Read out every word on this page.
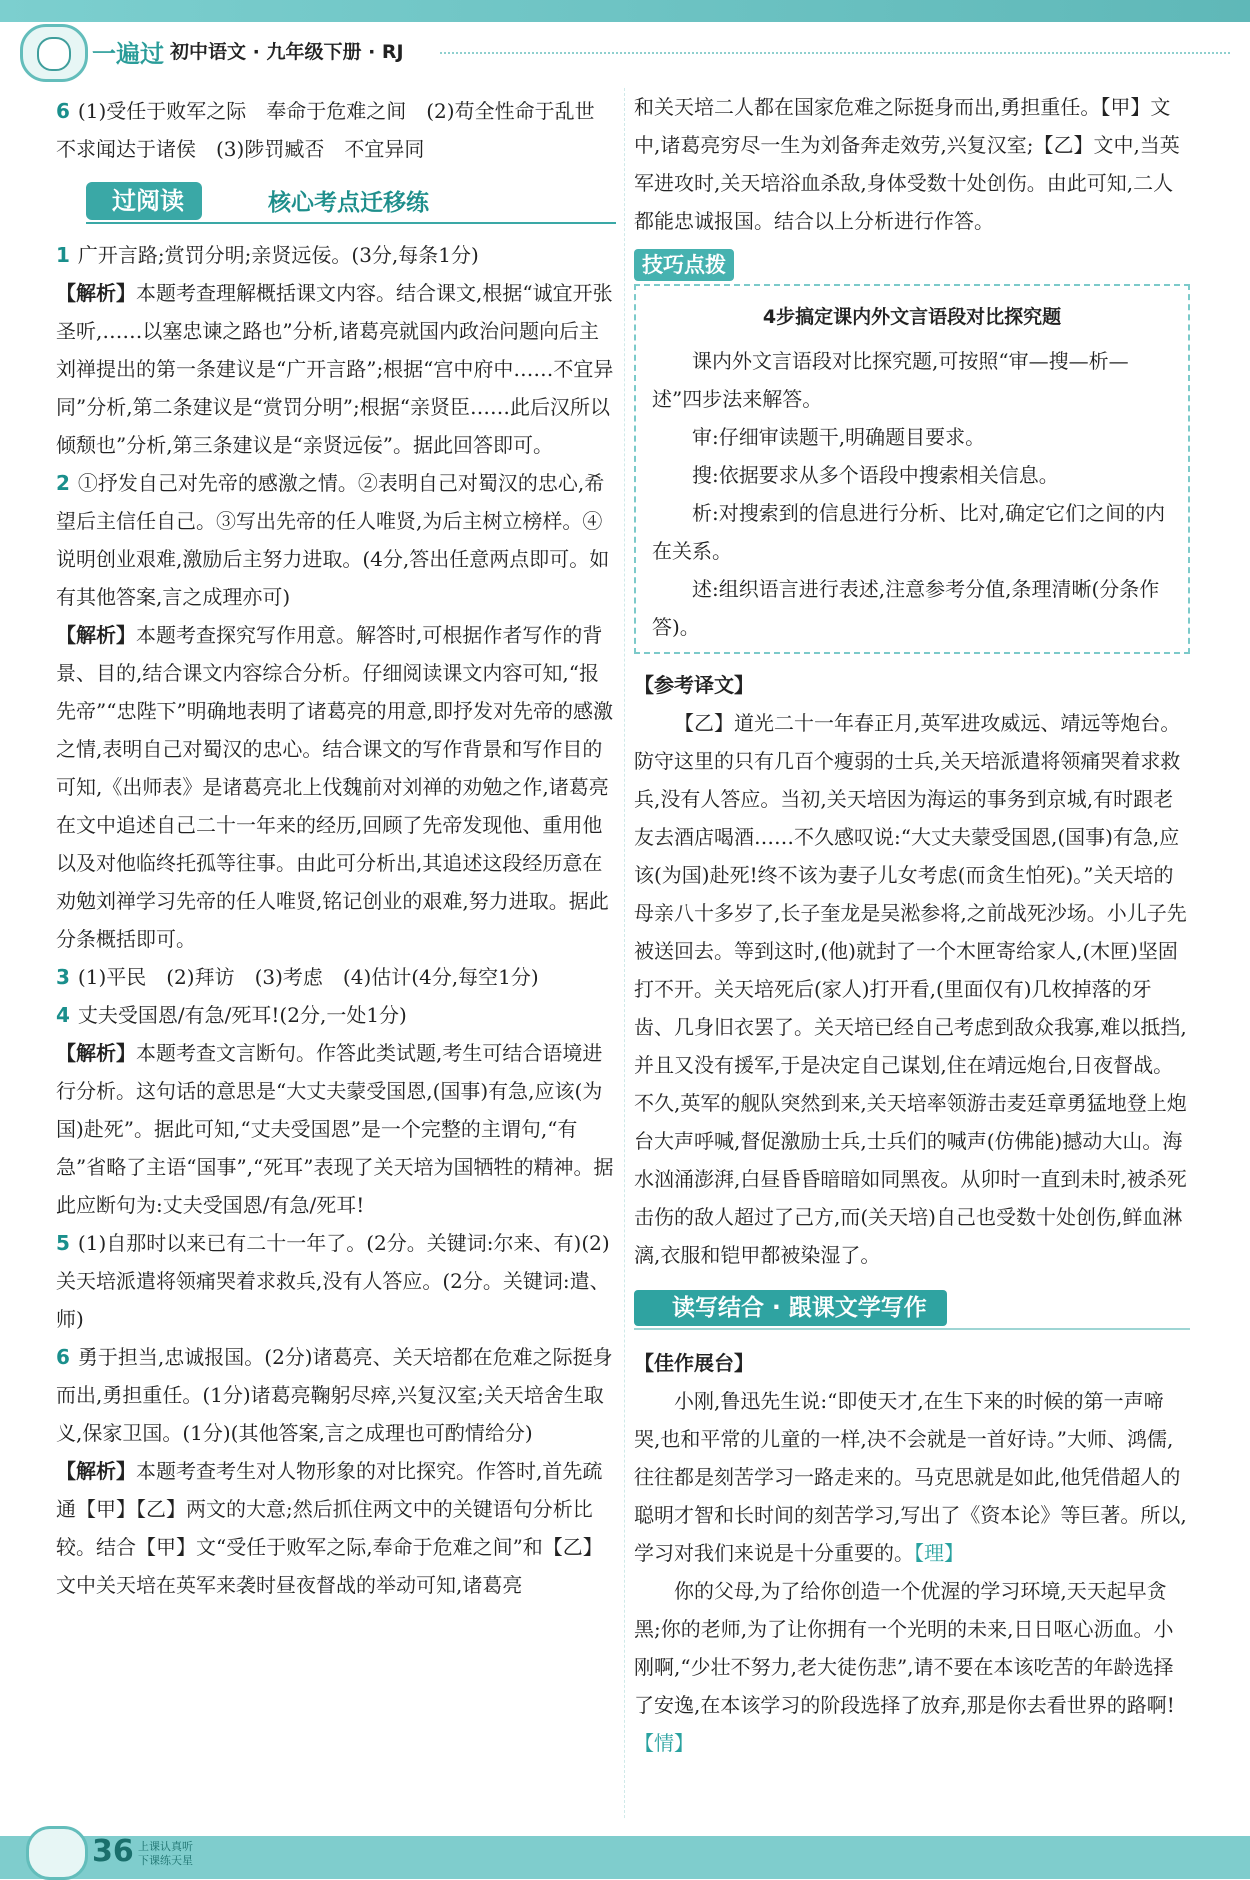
一遍过 初中语文 · 九年级下册 · RJ

6 (1)受任于败军之际　奉命于危难之间　(2)苟全性命于乱世　不求闻达于诸侯　(3)陟罚臧否　不宜异同

过阅读	核心考点迁移练

1 广开言路;赏罚分明;亲贤远佞。(3分,每条1分)

【解析】本题考查理解概括课文内容。结合课文,根据“诚宜开张圣听,……以塞忠谏之路也”分析,诸葛亮就国内政治问题向后主刘禅提出的第一条建议是“广开言路”;根据“宫中府中……不宜异同”分析,第二条建议是“赏罚分明”;根据“亲贤臣……此后汉所以倾颓也”分析,第三条建议是“亲贤远佞”。据此回答即可。

2 ①抒发自己对先帝的感激之情。②表明自己对蜀汉的忠心,希望后主信任自己。③写出先帝的任人唯贤,为后主树立榜样。④说明创业艰难,激励后主努力进取。(4分,答出任意两点即可。如有其他答案,言之成理亦可)

【解析】本题考查探究写作用意。解答时,可根据作者写作的背景、目的,结合课文内容综合分析。仔细阅读课文内容可知,“报先帝”“忠陛下”明确地表明了诸葛亮的用意,即抒发对先帝的感激之情,表明自己对蜀汉的忠心。结合课文的写作背景和写作目的可知,《出师表》是诸葛亮北上伐魏前对刘禅的劝勉之作,诸葛亮在文中追述自己二十一年来的经历,回顾了先帝发现他、重用他以及对他临终托孤等往事。由此可分析出,其追述这段经历意在劝勉刘禅学习先帝的任人唯贤,铭记创业的艰难,努力进取。据此分条概括即可。

3 (1)平民　(2)拜访　(3)考虑　(4)估计(4分,每空1分)

4 丈夫受国恩/有急/死耳!(2分,一处1分)

【解析】本题考查文言断句。作答此类试题,考生可结合语境进行分析。这句话的意思是“大丈夫蒙受国恩,(国事)有急,应该(为国)赴死”。据此可知,“丈夫受国恩”是一个完整的主谓句,“有急”省略了主语“国事”,“死耳”表现了关天培为国牺牲的精神。据此应断句为:丈夫受国恩/有急/死耳!

5 (1)自那时以来已有二十一年了。(2分。关键词:尔来、有)(2)关天培派遣将领痛哭着求救兵,没有人答应。(2分。关键词:遣、师)

6 勇于担当,忠诚报国。(2分)诸葛亮、关天培都在危难之际挺身而出,勇担重任。(1分)诸葛亮鞠躬尽瘁,兴复汉室;关天培舍生取义,保家卫国。(1分)(其他答案,言之成理也可酌情给分)

【解析】本题考查考生对人物形象的对比探究。作答时,首先疏通【甲】【乙】两文的大意;然后抓住两文中的关键语句分析比较。结合【甲】文“受任于败军之际,奉命于危难之间”和【乙】文中关天培在英军来袭时昼夜督战的举动可知,诸葛亮

和关天培二人都在国家危难之际挺身而出,勇担重任。【甲】文中,诸葛亮穷尽一生为刘备奔走效劳,兴复汉室;【乙】文中,当英军进攻时,关天培浴血杀敌,身体受数十处创伤。由此可知,二人都能忠诚报国。结合以上分析进行作答。

技巧点拨
4步搞定课内外文言语段对比探究题

课内外文言语段对比探究题,可按照“审—搜—析—述”四步法来解答。

审:仔细审读题干,明确题目要求。

搜:依据要求从多个语段中搜索相关信息。

析:对搜索到的信息进行分析、比对,确定它们之间的内在关系。

述:组织语言进行表述,注意参考分值,条理清晰(分条作答)。

【参考译文】

【乙】道光二十一年春正月,英军进攻威远、靖远等炮台。防守这里的只有几百个瘦弱的士兵,关天培派遣将领痛哭着求救兵,没有人答应。当初,关天培因为海运的事务到京城,有时跟老友去酒店喝酒……不久感叹说:“大丈夫蒙受国恩,(国事)有急,应该(为国)赴死!终不该为妻子儿女考虑(而贪生怕死)。”关天培的母亲八十多岁了,长子奎龙是吴淞参将,之前战死沙场。小儿子先被送回去。等到这时,(他)就封了一个木匣寄给家人,(木匣)坚固打不开。关天培死后(家人)打开看,(里面仅有)几枚掉落的牙齿、几身旧衣罢了。关天培已经自己考虑到敌众我寡,难以抵挡,并且又没有援军,于是决定自己谋划,住在靖远炮台,日夜督战。不久,英军的舰队突然到来,关天培率领游击麦廷章勇猛地登上炮台大声呼喊,督促激励士兵,士兵们的喊声(仿佛能)撼动大山。海水汹涌澎湃,白昼昏昏暗暗如同黑夜。从卯时一直到未时,被杀死击伤的敌人超过了己方,而(关天培)自己也受数十处创伤,鲜血淋漓,衣服和铠甲都被染湿了。

读写结合 · 跟课文学写作

【佳作展台】

小刚,鲁迅先生说:“即使天才,在生下来的时候的第一声啼哭,也和平常的儿童的一样,决不会就是一首好诗。”大师、鸿儒,往往都是刻苦学习一路走来的。马克思就是如此,他凭借超人的聪明才智和长时间的刻苦学习,写出了《资本论》等巨著。所以,学习对我们来说是十分重要的。【理】

你的父母,为了给你创造一个优渥的学习环境,天天起早贪黑;你的老师,为了让你拥有一个光明的未来,日日呕心沥血。小刚啊,“少壮不努力,老大徒伤悲”,请不要在本该吃苦的年龄选择了安逸,在本该学习的阶段选择了放弃,那是你去看世界的路啊!【情】

36 上课认真听
下课练天星
